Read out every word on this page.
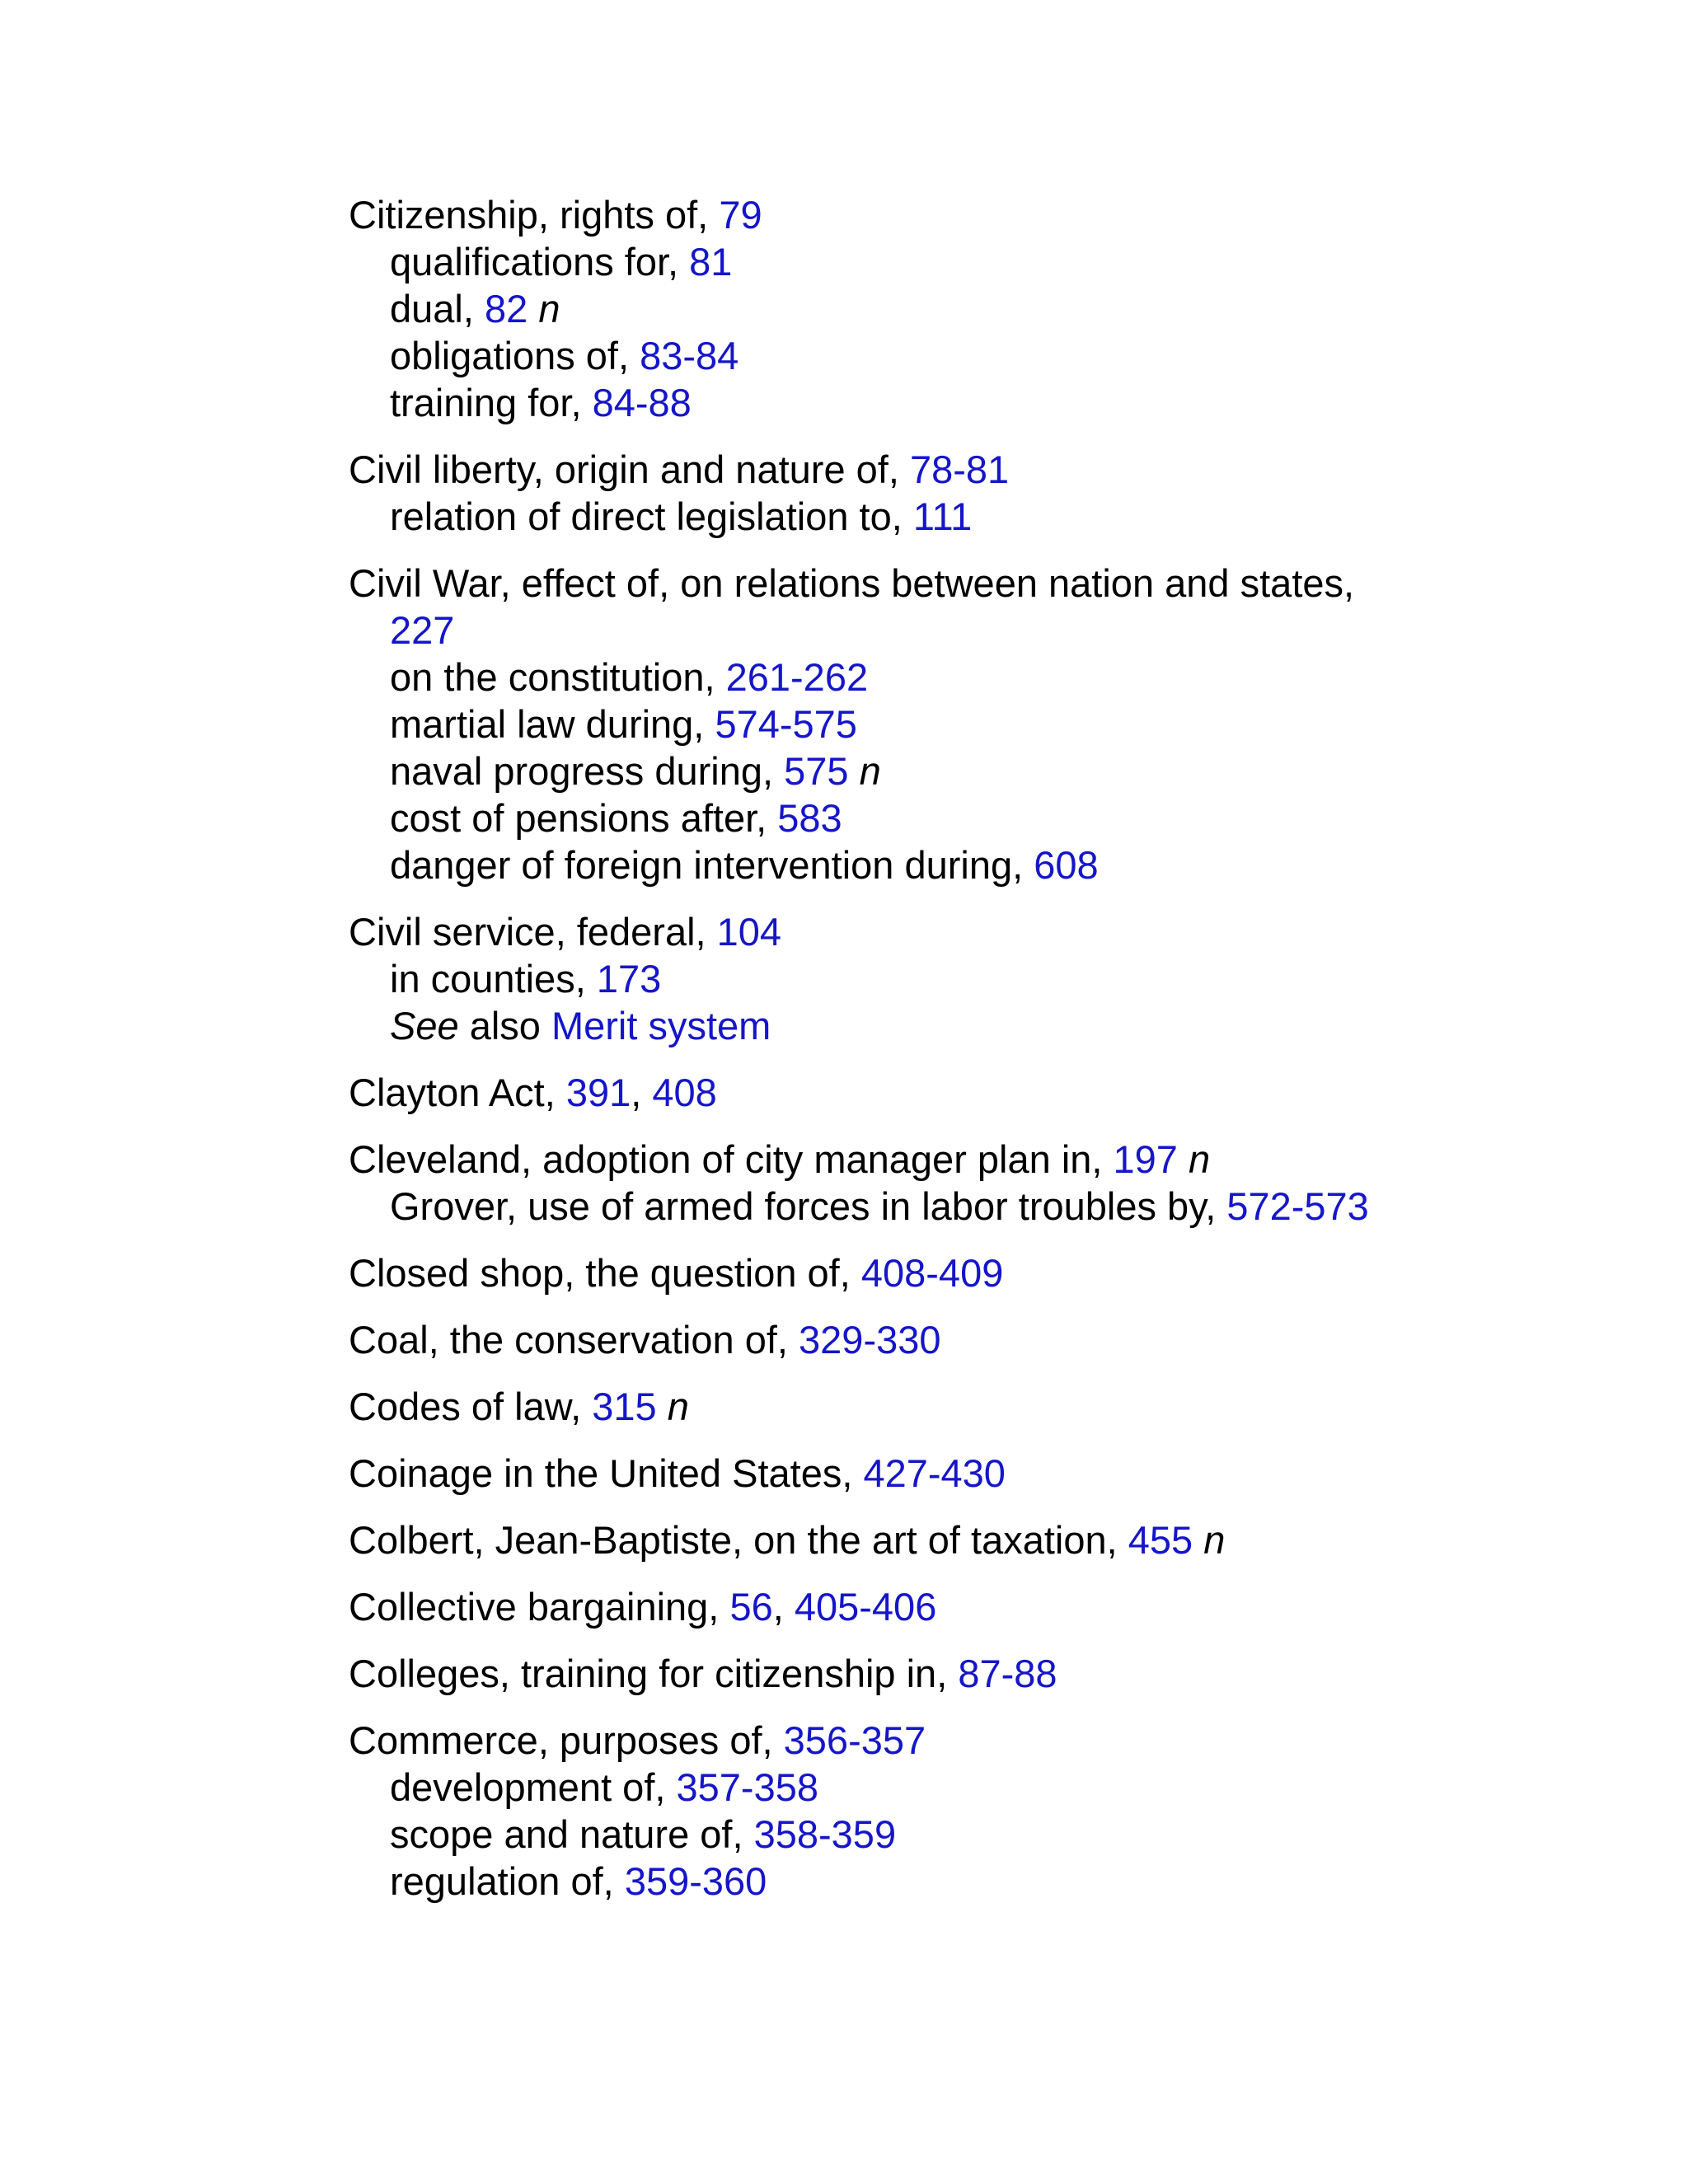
Citizenship, rights of, 79
qualifications for, 81
dual, 82 n
obligations of, 83-84
training for, 84-88
Civil liberty, origin and nature of, 78-81
relation of direct legislation to, 111
Civil War, effect of, on relations between nation and states,
227
on the constitution, 261-262
martial law during, 574-575
naval progress during, 575 n
cost of pensions after, 583
danger of foreign intervention during, 608
Civil service, federal, 104
in counties, 173
See also Merit system
Clayton Act, 391, 408
Cleveland, adoption of city manager plan in, 197 n
Grover, use of armed forces in labor troubles by, 572-573
Closed shop, the question of, 408-409
Coal, the conservation of, 329-330
Codes of law, 315 n
Coinage in the United States, 427-430
Colbert, Jean-Baptiste, on the art of taxation, 455 n
Collective bargaining, 56, 405-406
Colleges, training for citizenship in, 87-88
Commerce, purposes of, 356-357
development of, 357-358
scope and nature of, 358-359
regulation of, 359-360
